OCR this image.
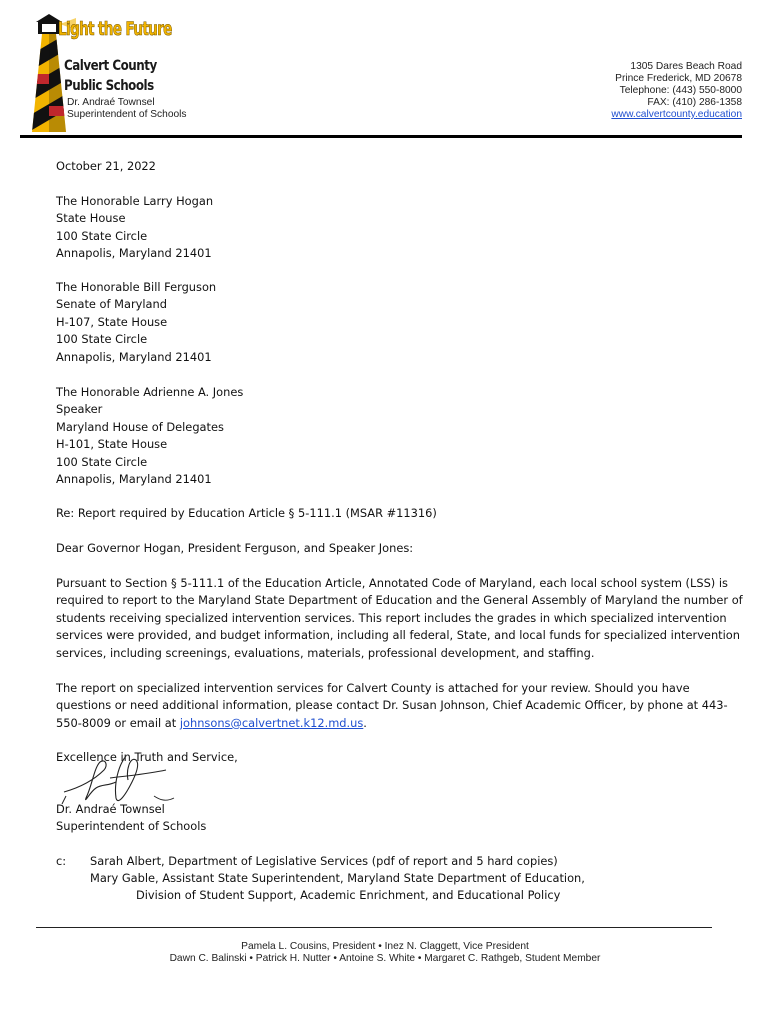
Light the Future
Calvert County
Public Schools
Dr. Andraé Townsel
Superintendent of Schools
1305 Dares Beach Road
Prince Frederick, MD 20678
Telephone: (443) 550-8000
FAX: (410) 286-1358
www.calvertcounty.education
October 21, 2022
The Honorable Larry Hogan
State House
100 State Circle
Annapolis, Maryland 21401
The Honorable Bill Ferguson
Senate of Maryland
H-107, State House
100 State Circle
Annapolis, Maryland 21401
The Honorable Adrienne A. Jones
Speaker
Maryland House of Delegates
H-101, State House
100 State Circle
Annapolis, Maryland 21401
Re: Report required by Education Article § 5-111.1 (MSAR #11316)
Dear Governor Hogan, President Ferguson, and Speaker Jones:

Pursuant to Section § 5-111.1 of the Education Article, Annotated Code of Maryland, each local school system (LSS) is required to report to the Maryland State Department of Education and the General Assembly of Maryland the number of students receiving specialized intervention services. This report includes the grades in which specialized intervention services were provided, and budget information, including all federal, State, and local funds for specialized intervention services, including screenings, evaluations, materials, professional development, and staffing.

The report on specialized intervention services for Calvert County is attached for your review. Should you have questions or need additional information, please contact Dr. Susan Johnson, Chief Academic Officer, by phone at 443-550-8009 or email at johnsons@calvertnet.k12.md.us.

Excellence in Truth and Service,
Dr. Andraé Townsel
Superintendent of Schools
c:	Sarah Albert, Department of Legislative Services (pdf of report and 5 hard copies)
Mary Gable, Assistant State Superintendent, Maryland State Department of Education,
Division of Student Support, Academic Enrichment, and Educational Policy
Pamela L. Cousins, President • Inez N. Claggett, Vice President
Dawn C. Balinski • Patrick H. Nutter • Antoine S. White • Margaret C. Rathgeb, Student Member
